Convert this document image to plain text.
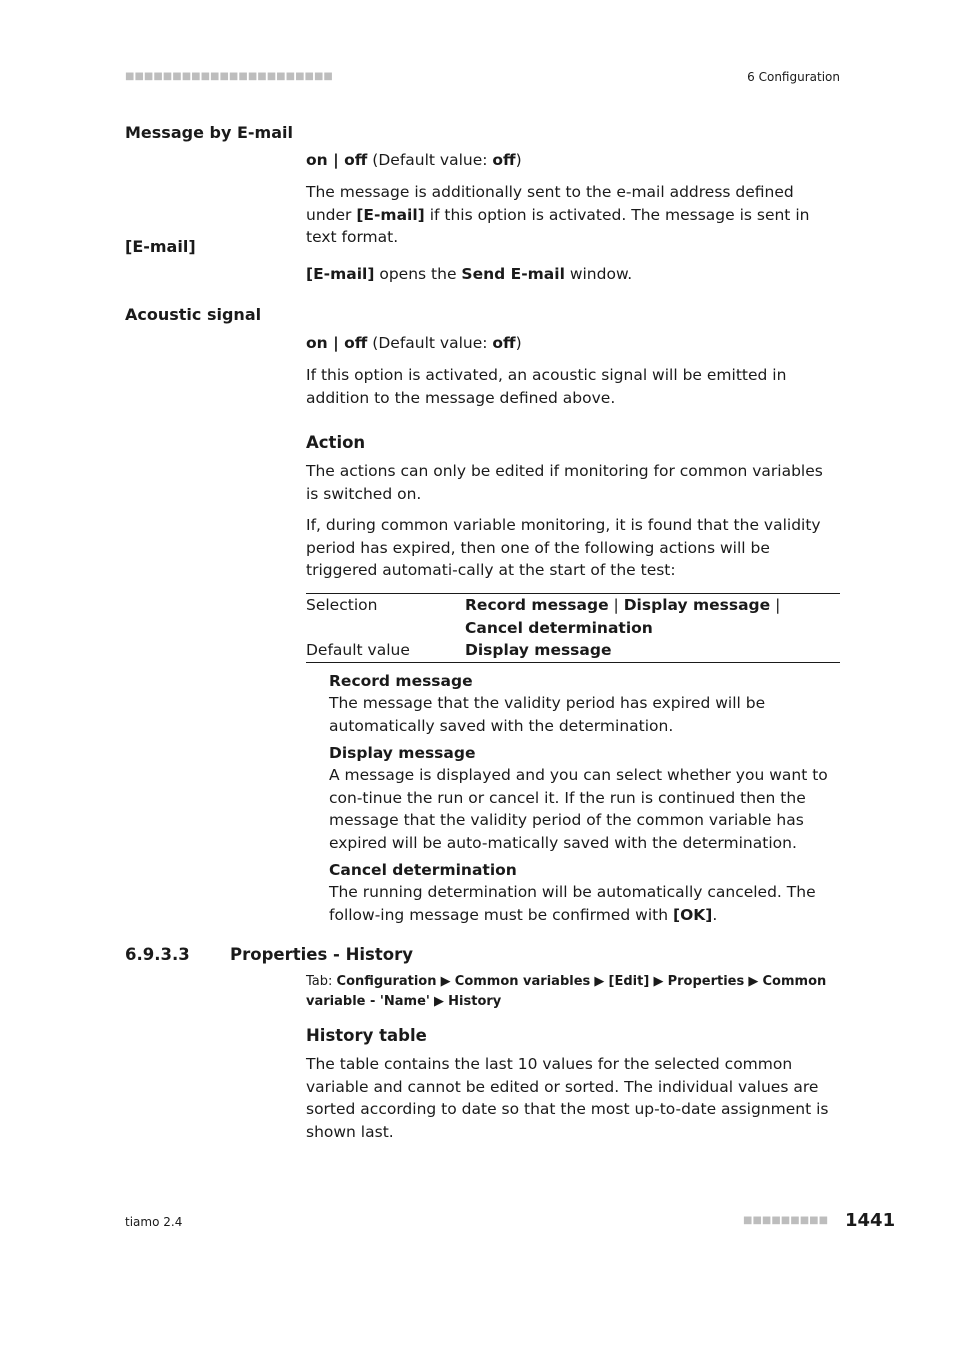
■■■■■■■■■■■■■■■■■■■■■■	6 Configuration
Message by E-mail

on | off (Default value: off)

The message is additionally sent to the e-mail address defined under [E-mail] if this option is activated. The message is sent in text format.

[E-mail]

[E-mail] opens the Send E-mail window.

Acoustic signal

on | off (Default value: off)

If this option is activated, an acoustic signal will be emitted in addition to the message defined above.

Action

The actions can only be edited if monitoring for common variables is switched on.

If, during common variable monitoring, it is found that the validity period has expired, then one of the following actions will be triggered automati-cally at the start of the test:

Selection	Record message | Display message | Cancel determination
Default value	Display message
Record message

The message that the validity period has expired will be automatically saved with the determination.

Display message

A message is displayed and you can select whether you want to con-tinue the run or cancel it. If the run is continued then the message that the validity period of the common variable has expired will be auto-matically saved with the determination.

Cancel determination

The running determination will be automatically canceled. The follow-ing message must be confirmed with [OK].

6.9.3.3 Properties - History
Tab: Configuration ▶ Common variables ▶ [Edit] ▶ Properties ▶ Common variable - 'Name' ▶ History
History table

The table contains the last 10 values for the selected common variable and cannot be edited or sorted. The individual values are sorted according to date so that the most up-to-date assignment is shown last.

tiamo 2.4	■■■■■■■■■ 1441
